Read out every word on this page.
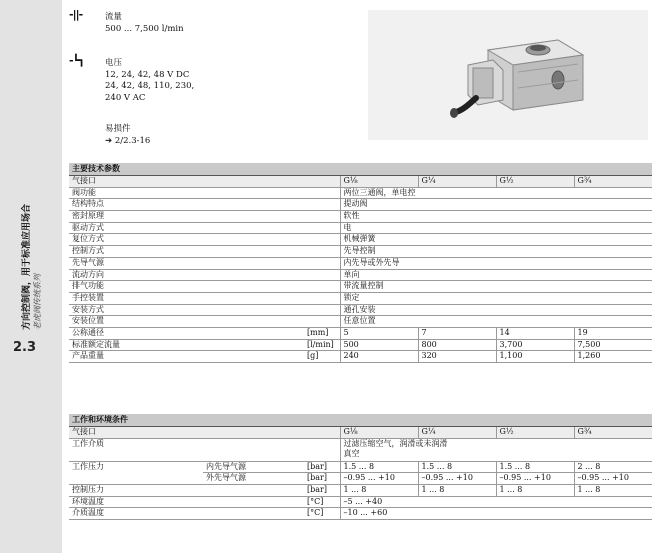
方向控制阀，用于标准应用场合 老虎阀传统系列
2.3
-||-	流量
500 ... 7,500 l/min
-┗┓ 电压
12, 24, 42, 48 V DC
24, 42, 48, 110, 230,
240 V AC
易损件
➔ 2/2.3-16
主要技术参数					
气接口		G⅛	G¼	G½	G¾
阀功能		两位三通阀，单电控			
结构特点		提动阀			
密封原理		软性			
驱动方式		电			
复位方式		机械弹簧			
控制方式		先导控制			
先导气源		内先导或外先导			
流动方向		单向			
排气功能		带流量控制			
手控装置		锁定			
安装方式		通孔安装			
安装位置		任意位置			
公称通径	[mm]	5	7	14	19
标准额定流量	[l/min]	500	800	3,700	7,500
产品重量	[g]	240	320	1,100	1,260
工作和环境条件						
气接口			G⅛	G¼	G½	G¾
工作介质			过滤压缩空气，润滑或未润滑
真空			

工作压力	内先导气源	[bar]	1.5 ... 8	1.5 ... 8	1.5 ... 8	2 ... 8
	外先导气源	[bar]	–0.95 ... +10	–0.95 ... +10	–0.95 ... +10	–0.95 ... +10
控制压力		[bar]	1 ... 8	1 ... 8	1 ... 8	1 ... 8
环境温度		[°C]	–5 ... +40			
介质温度		[°C]	–10 ... +60			
